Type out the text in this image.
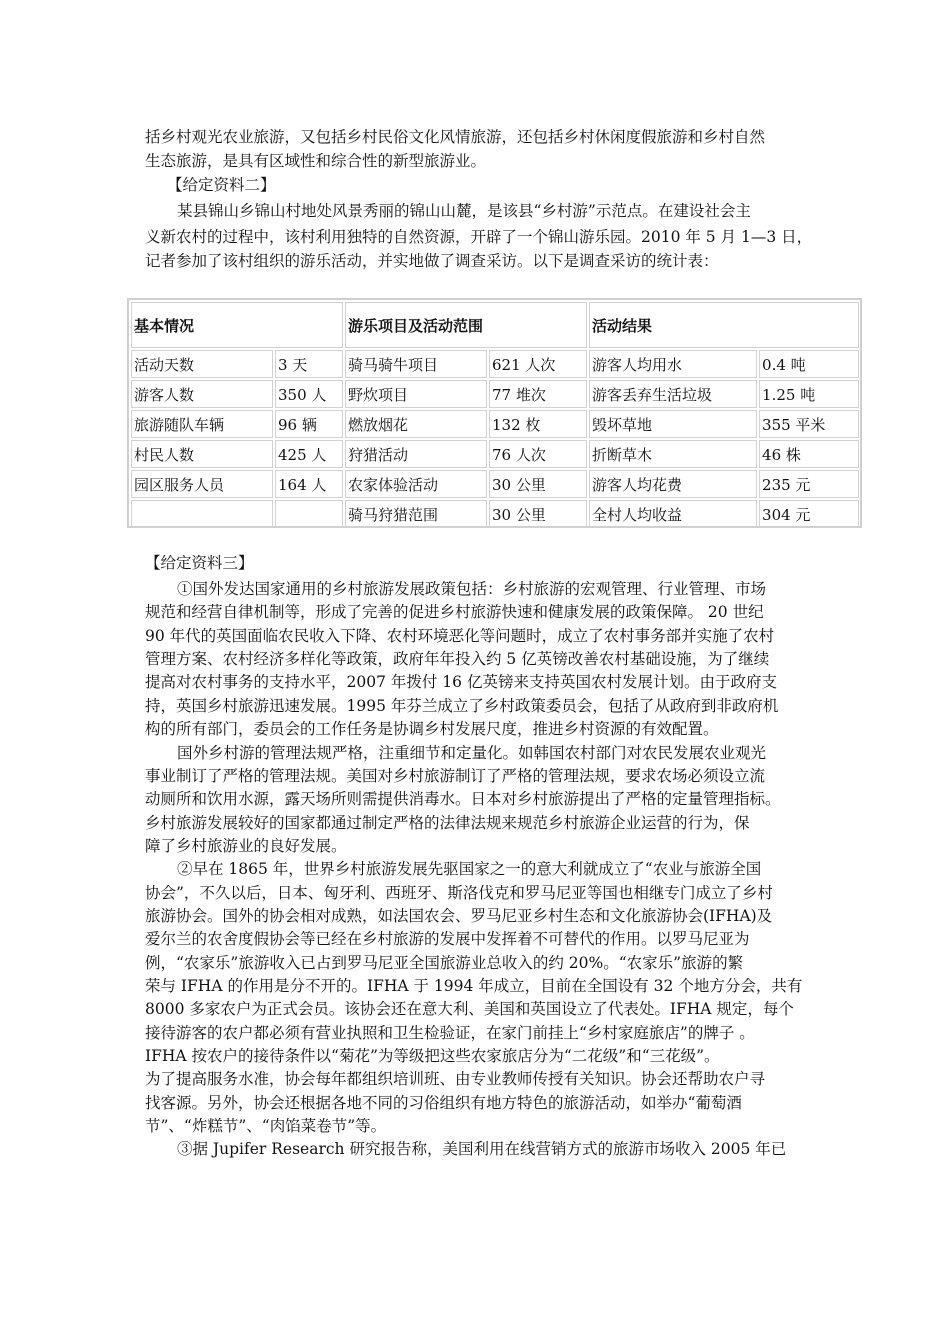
括乡村观光农业旅游，又包括乡村民俗文化风情旅游，还包括乡村休闲度假旅游和乡村自然

生态旅游，是具有区域性和综合性的新型旅游业。

【给定资料二】

某县锦山乡锦山村地处风景秀丽的锦山山麓，是该县“乡村游”示范点。在建设社会主

义新农村的过程中，该村利用独特的自然资源，开辟了一个锦山游乐园。2010 年 5 月 1—3 日，

记者参加了该村组织的游乐活动，并实地做了调查采访。以下是调查采访的统计表：

基本情况		游乐项目及活动范围		活动结果	
活动天数	3 天	骑马骑牛项目	621 人次	游客人均用水	0.4 吨
游客人数	350 人	野炊项目	77 堆次	游客丢弃生活垃圾	1.25 吨
旅游随队车辆	96 辆	燃放烟花	132 枚	毁坏草地	355 平米
村民人数	425 人	狩猎活动	76 人次	折断草木	46 株
园区服务人员	164 人	农家体验活动	30 公里	游客人均花费	235 元
		骑马狩猎范围	30 公里	全村人均收益	304 元

【给定资料三】

①国外发达国家通用的乡村旅游发展政策包括：乡村旅游的宏观管理、行业管理、市场

规范和经营自律机制等，形成了完善的促进乡村旅游快速和健康发展的政策保障。 20 世纪

90 年代的英国面临农民收入下降、农村环境恶化等问题时，成立了农村事务部并实施了农村

管理方案、农村经济多样化等政策，政府年年投入约 5 亿英镑改善农村基础设施，为了继续

提高对农村事务的支持水平，2007 年拨付 16 亿英镑来支持英国农村发展计划。由于政府支

持，英国乡村旅游迅速发展。1995 年芬兰成立了乡村政策委员会，包括了从政府到非政府机

构的所有部门，委员会的工作任务是协调乡村发展尺度，推进乡村资源的有效配置。

国外乡村游的管理法规严格，注重细节和定量化。如韩国农村部门对农民发展农业观光

事业制订了严格的管理法规。美国对乡村旅游制订了严格的管理法规，要求农场必须设立流

动厕所和饮用水源，露天场所则需提供消毒水。日本对乡村旅游提出了严格的定量管理指标。

乡村旅游发展较好的国家都通过制定严格的法律法规来规范乡村旅游企业运营的行为，保

障了乡村旅游业的良好发展。

②早在 1865 年，世界乡村旅游发展先驱国家之一的意大利就成立了“农业与旅游全国

协会”，不久以后，日本、匈牙利、西班牙、斯洛伐克和罗马尼亚等国也相继专门成立了乡村

旅游协会。国外的协会相对成熟，如法国农会、罗马尼亚乡村生态和文化旅游协会(IFHA)及

爱尔兰的农舍度假协会等已经在乡村旅游的发展中发挥着不可替代的作用。以罗马尼亚为

例，“农家乐”旅游收入已占到罗马尼亚全国旅游业总收入的约 20%。“农家乐”旅游的繁

荣与 IFHA 的作用是分不开的。IFHA 于 1994 年成立，目前在全国设有 32 个地方分会，共有

8000 多家农户为正式会员。该协会还在意大利、美国和英国设立了代表处。IFHA 规定，每个

接待游客的农户都必须有营业执照和卫生检验证，在家门前挂上“乡村家庭旅店”的牌子 。

IFHA 按农户的接待条件以“菊花”为等级把这些农家旅店分为“二花级”和“三花级”。

为了提高服务水准，协会每年都组织培训班、由专业教师传授有关知识。协会还帮助农户寻

找客源。另外，协会还根据各地不同的习俗组织有地方特色的旅游活动，如举办“葡萄酒

节”、“炸糕节”、“肉馅菜卷节”等。

③据 Jupifer Research 研究报告称，美国利用在线营销方式的旅游市场收入 2005 年已
